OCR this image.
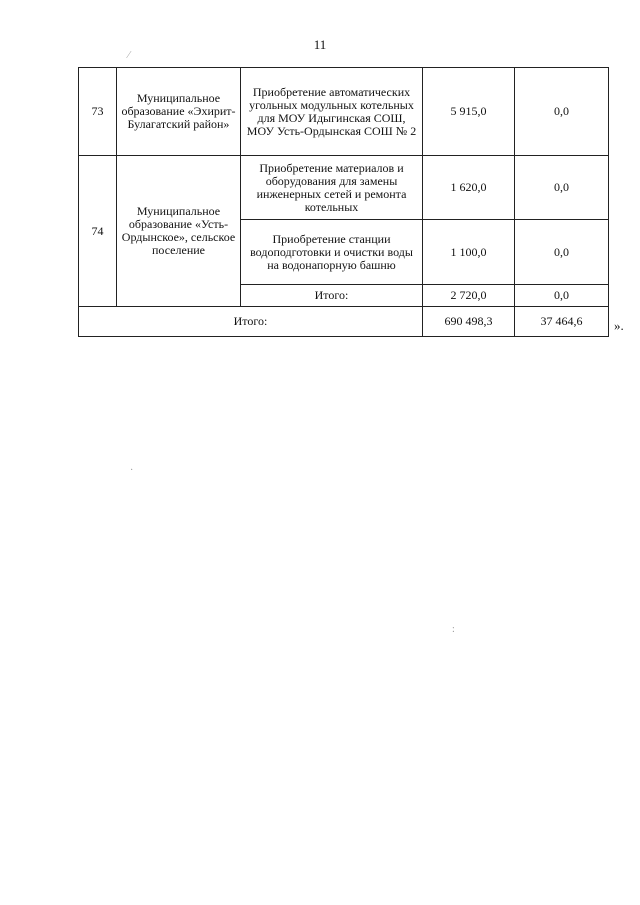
11
⁄
73	Муниципальное образование «Эхирит-Булагатский район»	Приобретение автоматических угольных модульных котельных для МОУ Идыгинская СОШ, МОУ Усть-Ордынская СОШ № 2	5 915,0	0,0
74	Муниципальное образование «Усть-Ордынское», сельское поселение	Приобретение материалов и оборудования для замены инженерных сетей и ремонта котельных	1 620,0	0,0
		Приобретение станции водоподготовки и очистки воды на водонапорную башню	1 100,0	0,0
		Итого:	2 720,0	0,0
Итого:			690 498,3	37 464,6 ».
·
:
